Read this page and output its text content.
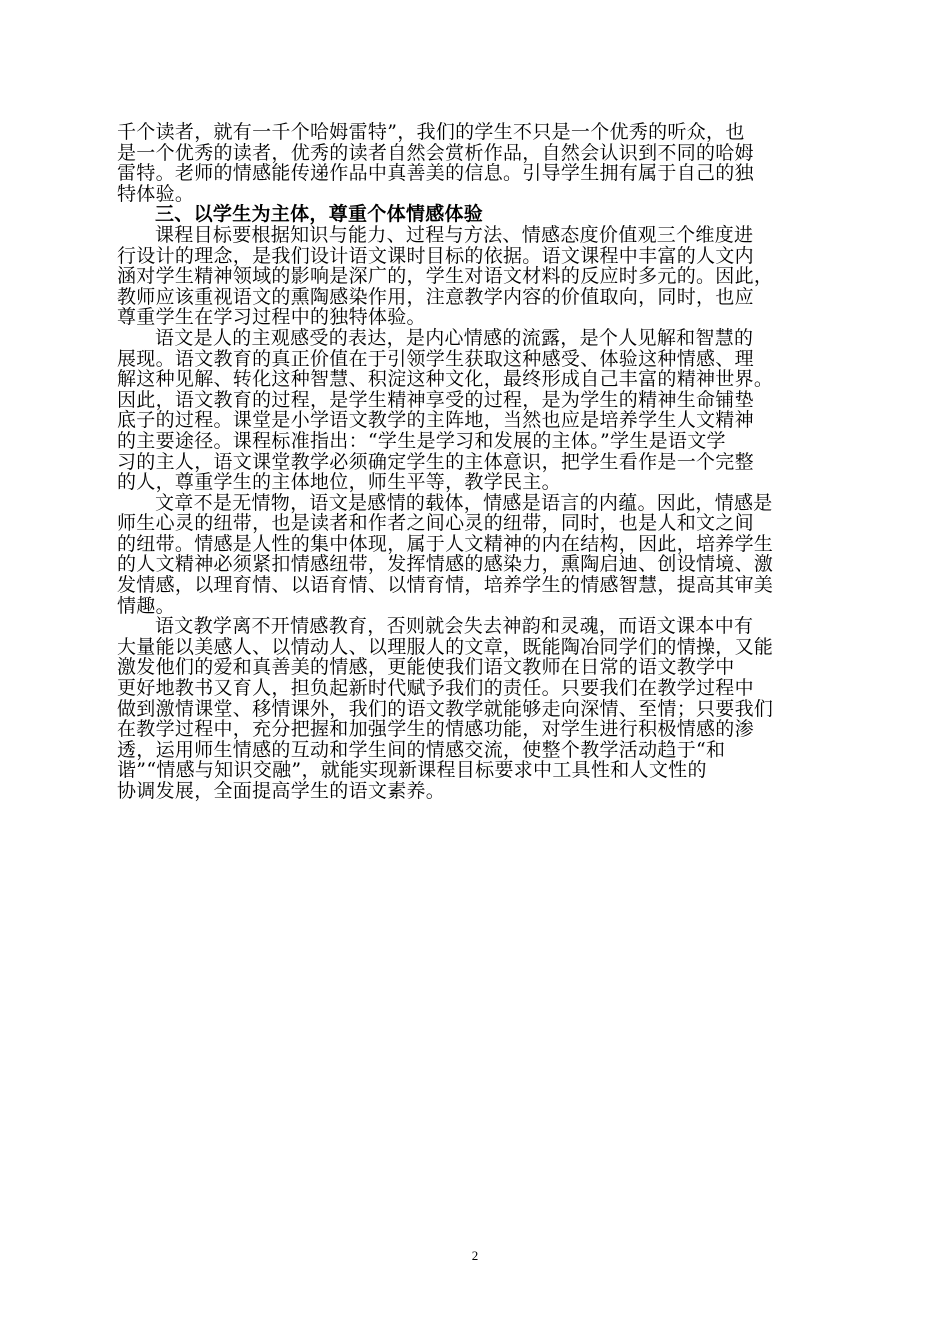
千个读者，就有一千个哈姆雷特”，我们的学生不只是一个优秀的听众，也
是一个优秀的读者，优秀的读者自然会赏析作品，自然会认识到不同的哈姆
雷特。老师的情感能传递作品中真善美的信息。引导学生拥有属于自己的独
特体验。
三、以学生为主体，尊重个体情感体验
课程目标要根据知识与能力、过程与方法、情感态度价值观三个维度进
行设计的理念，是我们设计语文课时目标的依据。语文课程中丰富的人文内
涵对学生精神领域的影响是深广的，学生对语文材料的反应时多元的。因此，
教师应该重视语文的熏陶感染作用，注意教学内容的价值取向，同时，也应
尊重学生在学习过程中的独特体验。
语文是人的主观感受的表达，是内心情感的流露，是个人见解和智慧的
展现。语文教育的真正价值在于引领学生获取这种感受、体验这种情感、理
解这种见解、转化这种智慧、积淀这种文化，最终形成自己丰富的精神世界。
因此，语文教育的过程，是学生精神享受的过程，是为学生的精神生命铺垫
底子的过程。课堂是小学语文教学的主阵地，当然也应是培养学生人文精神
的主要途径。课程标准指出：“学生是学习和发展的主体。”学生是语文学
习的主人，语文课堂教学必须确定学生的主体意识，把学生看作是一个完整
的人，尊重学生的主体地位，师生平等，教学民主。
文章不是无情物，语文是感情的载体，情感是语言的内蕴。因此，情感是
师生心灵的纽带，也是读者和作者之间心灵的纽带，同时，也是人和文之间
的纽带。情感是人性的集中体现，属于人文精神的内在结构，因此，培养学生
的人文精神必须紧扣情感纽带，发挥情感的感染力，熏陶启迪、创设情境、激
发情感，以理育情、以语育情、以情育情，培养学生的情感智慧，提高其审美
情趣。
语文教学离不开情感教育，否则就会失去神韵和灵魂，而语文课本中有
大量能以美感人、以情动人、以理服人的文章，既能陶冶同学们的情操，又能
激发他们的爱和真善美的情感，更能使我们语文教师在日常的语文教学中
更好地教书又育人，担负起新时代赋予我们的责任。只要我们在教学过程中
做到激情课堂、移情课外，我们的语文教学就能够走向深情、至情；只要我们
在教学过程中，充分把握和加强学生的情感功能，对学生进行积极情感的渗
透，运用师生情感的互动和学生间的情感交流，使整个教学活动趋于“和
谐”“情感与知识交融”，就能实现新课程目标要求中工具性和人文性的
协调发展，全面提高学生的语文素养。
2
